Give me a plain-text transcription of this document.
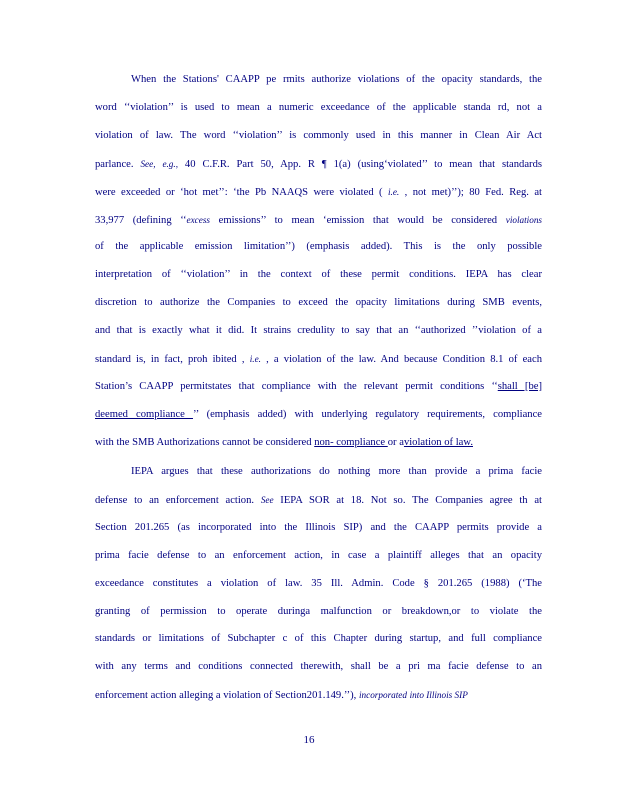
When the Stations' CAAPP pe rmits authorize violations of the opacity standards, the
word ‘‘violation’’ is used to mean a numeric exceedance of the applicable standa rd, not a
violation of law. The word ‘‘violation’’ is commonly used in this manner in Clean Air Act
parlance. See, e.g., 40 C.F.R. Part 50, App. R ¶ 1(a) (using‘violated’’ to mean that standards
were exceeded or ‘hot met’’: ‘the Pb NAAQS were violated ( i.e. , not met)’’); 80 Fed. Reg. at
33,977 (defining ‘‘excess emissions’’ to mean ‘emission that would be considered violations
of the applicable emission limitation’’) (emphasis added). This is the only possible
interpretation of ‘‘violation’’ in the context of these permit conditions. IEPA has clear
discretion to authorize the Companies to exceed the opacity limitations during SMB events,
and that is exactly what it did. It strains credulity to say that an ‘‘authorized ’’violation of a
standard is, in fact, proh ibited , i.e. , a violation of the law. And because Condition 8.1 of each
Station’s CAAPP permitstates that compliance with the relevant permit conditions ‘‘shall [be]
deemed compliance ’’ (emphasis added) with underlying regulatory requirements, compliance
with the SMB Authorizations cannot be considered non- compliance or aviolation of law.
IEPA argues that these authorizations do nothing more than provide a prima facie
defense to an enforcement action. See IEPA SOR at 18. Not so. The Companies agree th at
Section 201.265 (as incorporated into the Illinois SIP) and the CAAPP permits provide a
prima facie defense to an enforcement action, in case a plaintiff alleges that an opacity
exceedance constitutes a violation of law. 35 Ill. Admin. Code § 201.265 (1988) (‘The
granting of permission to operate duringa malfunction or breakdown,or to violate the
standards or limitations of Subchapter c of this Chapter during startup, and full compliance
with any terms and conditions connected therewith, shall be a pri ma facie defense to an
enforcement action alleging a violation of Section201.149.’’), incorporated into Illinois SIP
16
